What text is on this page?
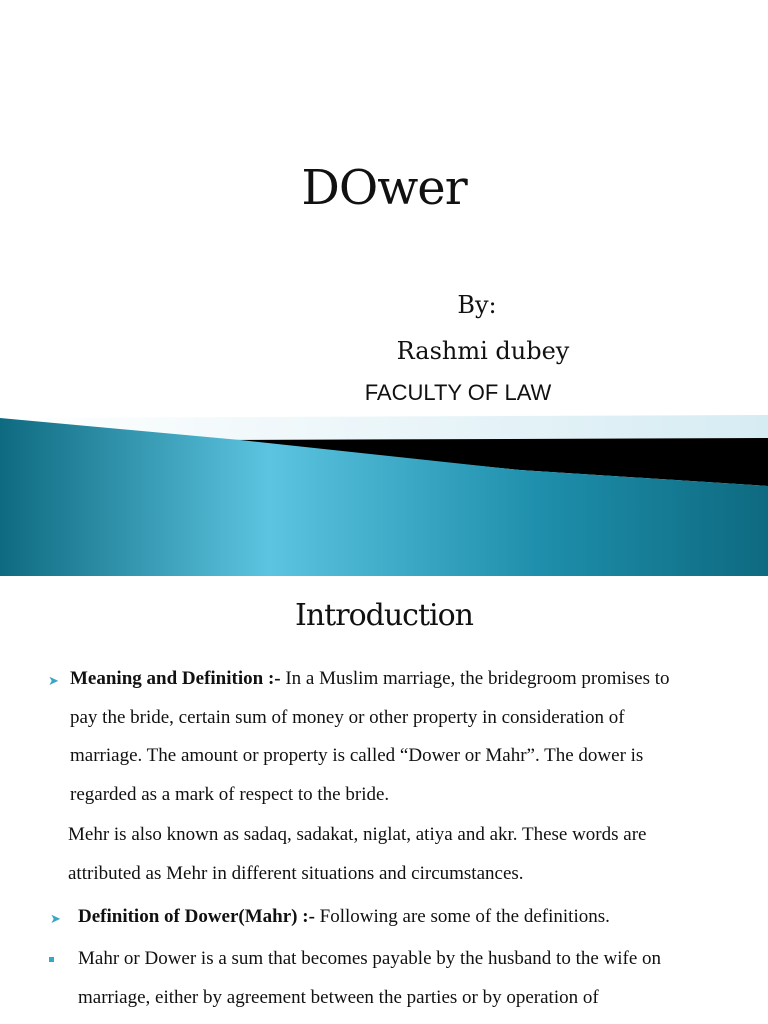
DOwer
By:
Rashmi dubey
FACULTY OF LAW
Introduction
➤ Meaning and Definition :- In a Muslim marriage, the bridegroom promises to pay the bride, certain sum of money or other property in consideration of marriage. The amount or property is called “Dower or Mahr”. The dower is regarded as a mark of respect to the bride.

Mehr is also known as sadaq, sadakat, niglat, atiya and akr. These words are attributed as Mehr in different situations and circumstances.

➤ Definition of Dower(Mahr) :- Following are some of the definitions.

Mahr or Dower is a sum that becomes payable by the husband to the wife on marriage, either by agreement between the parties or by operation of
